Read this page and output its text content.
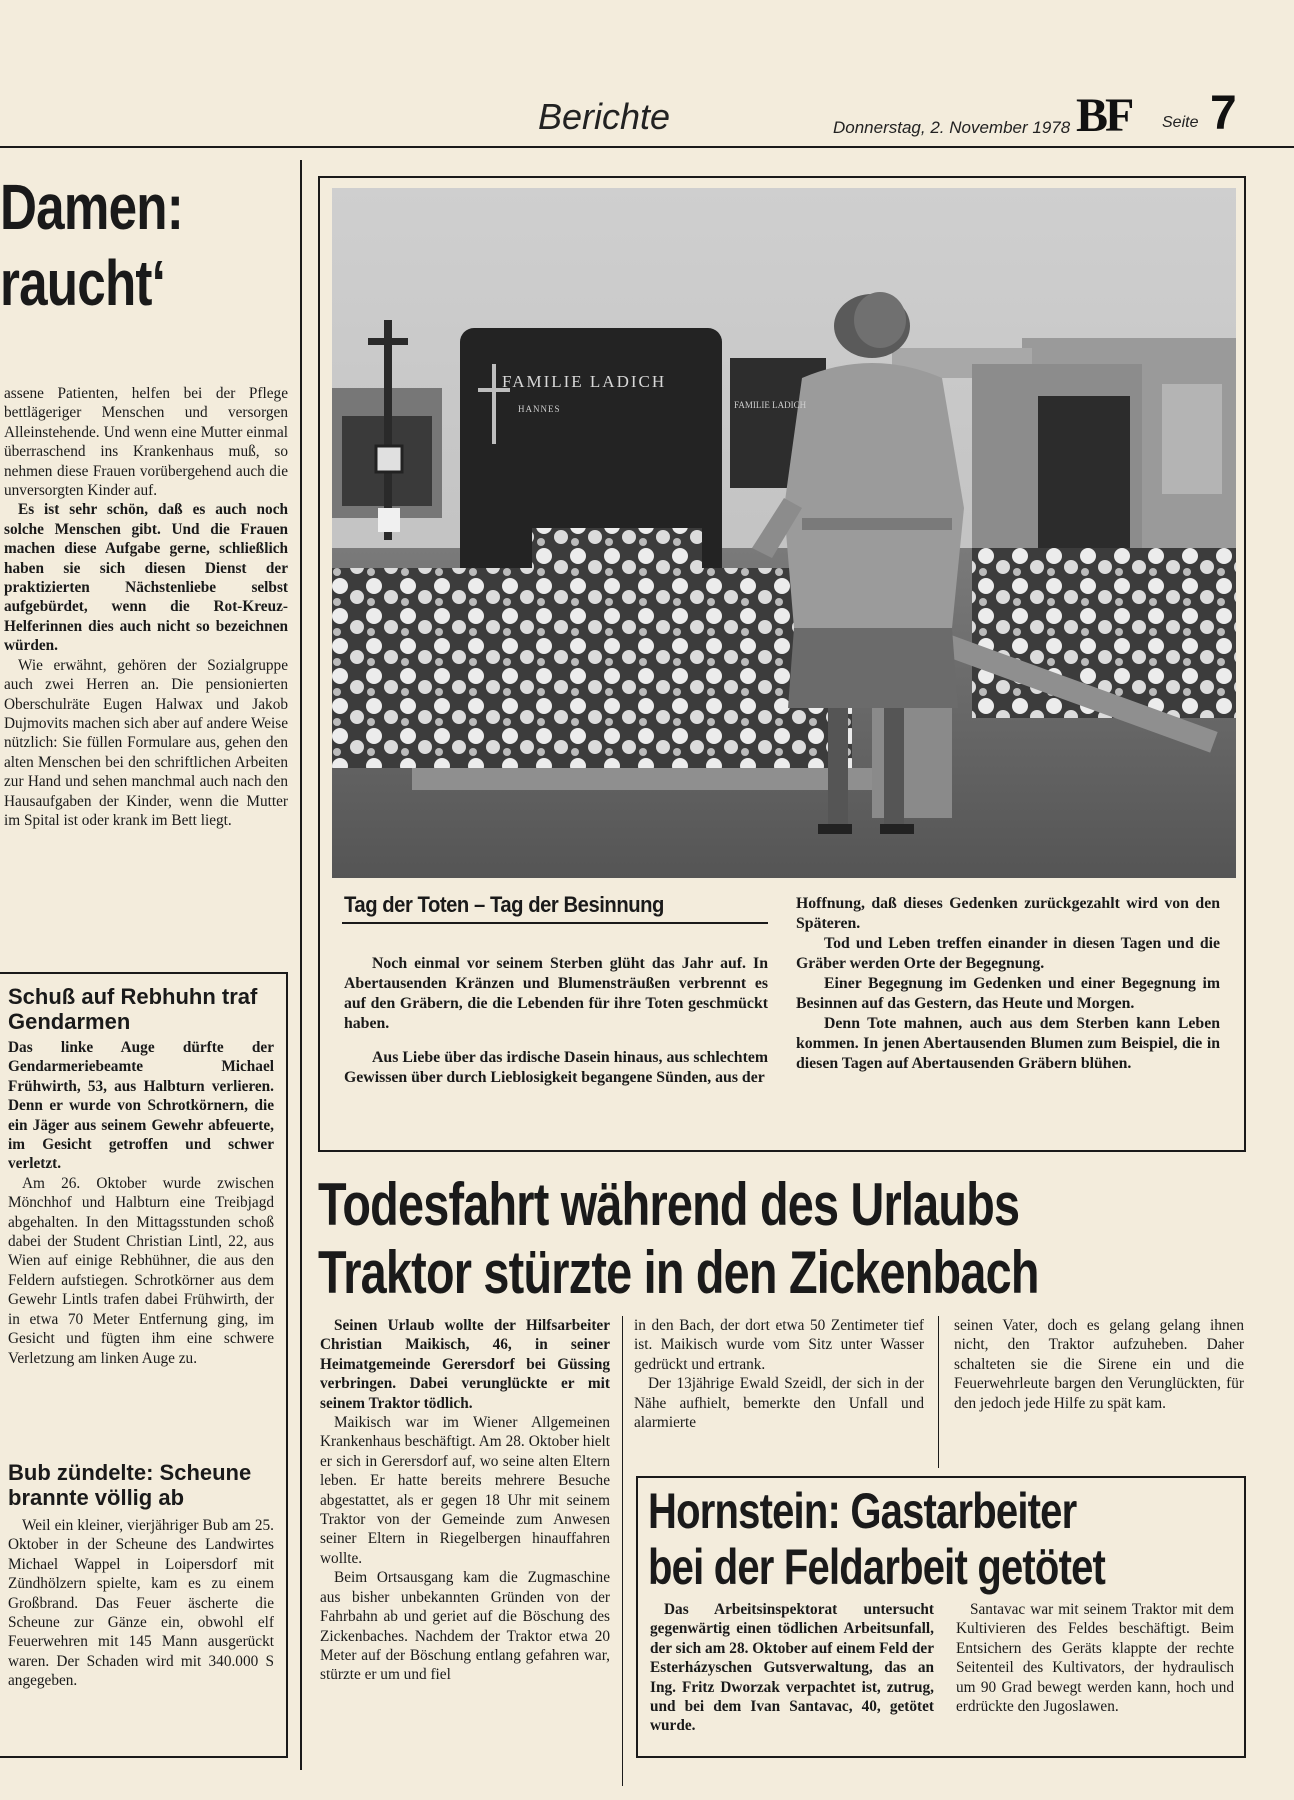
Berichte	Donnerstag, 2. November 1978 BF Seite 7
Damen:
raucht‘

assene Patienten, helfen bei der Pflege bettlägeriger Menschen und versorgen Alleinstehende. Und wenn eine Mutter einmal überraschend ins Krankenhaus muß, so nehmen diese Frauen vorübergehend auch die unversorgten Kinder auf.

Es ist sehr schön, daß es auch noch solche Menschen gibt. Und die Frauen machen diese Aufgabe gerne, schließlich haben sie sich diesen Dienst der praktizierten Nächstenliebe selbst aufgebürdet, wenn die Rot-Kreuz-Helferinnen dies auch nicht so bezeichnen würden.

Wie erwähnt, gehören der Sozialgruppe auch zwei Herren an. Die pensionierten Oberschulräte Eugen Halwax und Jakob Dujmovits machen sich aber auf andere Weise nützlich: Sie füllen Formulare aus, gehen den alten Menschen bei den schriftlichen Arbeiten zur Hand und sehen manchmal auch nach den Hausaufgaben der Kinder, wenn die Mutter im Spital ist oder krank im Bett liegt.

Schuß auf Rebhuhn traf Gendarmen

Das linke Auge dürfte der Gendarmeriebeamte Michael Frühwirth, 53, aus Halbturn verlieren. Denn er wurde von Schrotkörnern, die ein Jäger aus seinem Gewehr abfeuerte, im Gesicht getroffen und schwer verletzt.

Am 26. Oktober wurde zwischen Mönchhof und Halbturn eine Treibjagd abgehalten. In den Mittagsstunden schoß dabei der Student Christian Lintl, 22, aus Wien auf einige Rebhühner, die aus den Feldern aufstiegen. Schrotkörner aus dem Gewehr Lintls trafen dabei Frühwirth, der in etwa 70 Meter Entfernung ging, im Gesicht und fügten ihm eine schwere Verletzung am linken Auge zu.

Bub zündelte: Scheune brannte völlig ab

Weil ein kleiner, vierjähriger Bub am 25. Oktober in der Scheune des Landwirtes Michael Wappel in Loipersdorf mit Zündhölzern spielte, kam es zu einem Großbrand. Das Feuer äscherte die Scheune zur Gänze ein, obwohl elf Feuerwehren mit 145 Mann ausgerückt waren. Der Schaden wird mit 340.000 S angegeben.

FAMILIE LADICH
HANNES	FAMILIE LADICH
Tag der Toten – Tag der Besinnung

Noch einmal vor seinem Sterben glüht das Jahr auf. In Abertausenden Kränzen und Blumensträußen verbrennt es auf den Gräbern, die die Lebenden für ihre Toten geschmückt haben.

Aus Liebe über das irdische Dasein hinaus, aus schlechtem Gewissen über durch Lieblosigkeit begangene Sünden, aus der

Hoffnung, daß dieses Gedenken zurückgezahlt wird von den Späteren.

Tod und Leben treffen einander in diesen Tagen und die Gräber werden Orte der Begegnung.

Einer Begegnung im Gedenken und einer Begegnung im Besinnen auf das Gestern, das Heute und Morgen.

Denn Tote mahnen, auch aus dem Sterben kann Leben kommen. In jenen Abertausenden Blumen zum Beispiel, die in diesen Tagen auf Abertausenden Gräbern blühen.

Todesfahrt während des Urlaubs
Traktor stürzte in den Zickenbach

Seinen Urlaub wollte der Hilfsarbeiter Christian Maikisch, 46, in seiner Heimatgemeinde Gerersdorf bei Güssing verbringen. Dabei verunglückte er mit seinem Traktor tödlich.

Maikisch war im Wiener Allgemeinen Krankenhaus beschäftigt. Am 28. Oktober hielt er sich in Gerersdorf auf, wo seine alten Eltern leben. Er hatte bereits mehrere Besuche abgestattet, als er gegen 18 Uhr mit seinem Traktor von der Gemeinde zum Anwesen seiner Eltern in Riegelbergen hinauffahren wollte.

Beim Ortsausgang kam die Zugmaschine aus bisher unbekannten Gründen von der Fahrbahn ab und geriet auf die Böschung des Zickenbaches. Nachdem der Traktor etwa 20 Meter auf der Böschung entlang gefahren war, stürzte er um und fiel

in den Bach, der dort etwa 50 Zentimeter tief ist. Maikisch wurde vom Sitz unter Wasser gedrückt und ertrank.

Der 13jährige Ewald Szeidl, der sich in der Nähe aufhielt, bemerkte den Unfall und alarmierte

seinen Vater, doch es gelang gelang ihnen nicht, den Traktor aufzuheben. Daher schalteten sie die Sirene ein und die Feuerwehrleute bargen den Verunglückten, für den jedoch jede Hilfe zu spät kam.

Hornstein: Gastarbeiter
bei der Feldarbeit getötet

Das Arbeitsinspektorat untersucht gegenwärtig einen tödlichen Arbeitsunfall, der sich am 28. Oktober auf einem Feld der Esterházyschen Gutsverwaltung, das an Ing. Fritz Dworzak verpachtet ist, zutrug, und bei dem Ivan Santavac, 40, getötet wurde.

Santavac war mit seinem Traktor mit dem Kultivieren des Feldes beschäftigt. Beim Entsichern des Geräts klappte der rechte Seitenteil des Kultivators, der hydraulisch um 90 Grad bewegt werden kann, hoch und erdrückte den Jugoslawen.
